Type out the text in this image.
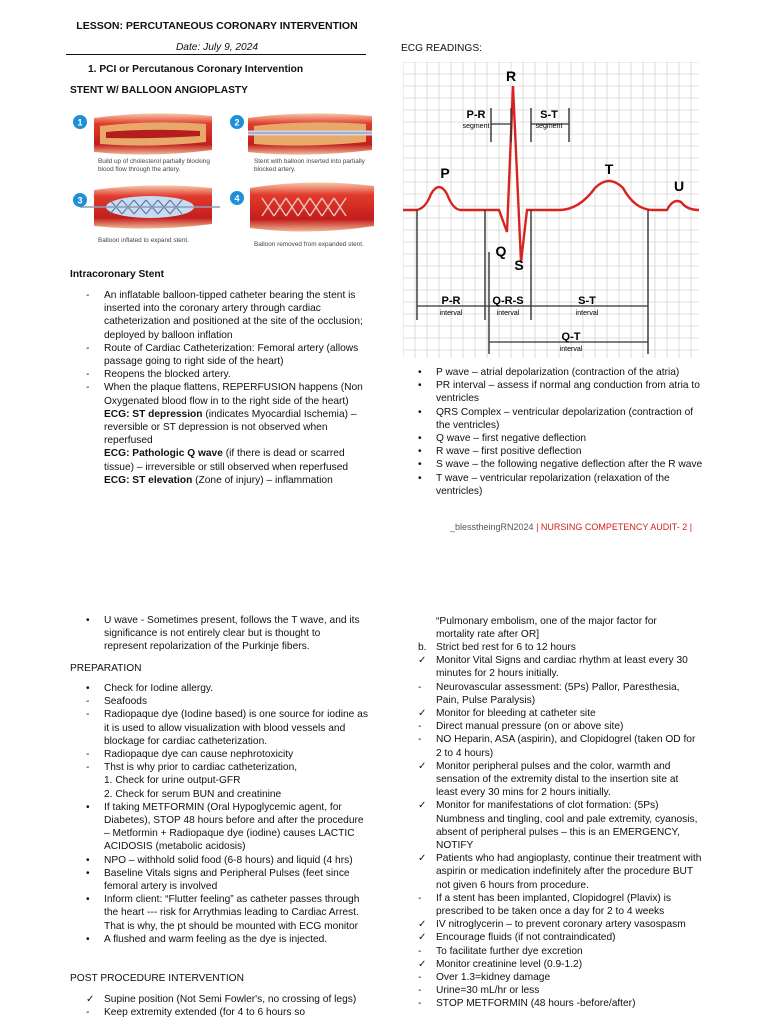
LESSON: PERCUTANEOUS CORONARY INTERVENTION
Date: July 9, 2024
1. PCI or Percutanous Coronary Intervention
STENT W/ BALLOON ANGIOPLASTY
1	2
3	4
Build up of cholesterol partially blocking blood flow through the artery.
Stent with balloon inserted into partially blocked artery.
Balloon inflated to expand stent.
Balloon removed from expanded stent.
Intracoronary Stent
-	An inflatable balloon-tipped catheter bearing the stent is inserted into the coronary artery through cardiac catheterization and positioned at the site of the occlusion; deployed by balloon inflation
-	Route of Cardiac Catheterization: Femoral artery (allows passage going to right side of the heart)
-	Reopens the blocked artery.
-	When the plaque flattens, REPERFUSION happens (Non Oxygenated blood flow in to the right side of the heart)
ECG: ST depression (indicates Myocardial Ischemia) – reversible or ST depression is not observed when reperfused
ECG: Pathologic Q wave (if there is dead or scarred tissue) – irreversible or still observed when reperfused
ECG: ST elevation (Zone of injury) – inflammation
ECG READINGS:
R
P
Q
S
T
U
P-R
segment
S-T
segment
P-R
interval
Q-R-S
interval
S-T
interval
Q-T
interval
•	P wave – atrial depolarization (contraction of the atria)
•	PR interval – assess if normal ang conduction from atria to ventricles
•	QRS Complex – ventricular depolarization (contraction of the ventricles)
•	Q wave – first negative deflection
•	R wave – first positive deflection
•	S wave – the following negative deflection after the R wave
•	T wave – ventricular repolarization (relaxation of the ventricles)
_blesstheingRN2024 | NURSING COMPETENCY AUDIT- 2 |
•	U wave - Sometimes present, follows the T wave, and its significance is not entirely clear but is thought to represent repolarization of the Purkinje fibers.
PREPARATION
•	Check for Iodine allergy.
-	Seafoods
-	Radiopaque dye (Iodine based) is one source for iodine as it is used to allow visualization with blood vessels and blockage for cardiac catheterization.
-	Radiopaque dye can cause nephrotoxicity
-	Thst is why prior to cardiac catheterization,
1. Check for urine output-GFR
2. Check for serum BUN and creatinine
•	If taking METFORMIN (Oral Hypoglycemic agent, for Diabetes), STOP 48 hours before and after the procedure – Metformin + Radiopaque dye (iodine) causes LACTIC ACIDOSIS (metabolic acidosis)
•	NPO – withhold solid food (6-8 hours) and liquid (4 hrs)
•	Baseline Vitals signs and Peripheral Pulses (feet since femoral artery is involved
•	Inform client: “Flutter feeling” as catheter passes through the heart --- risk for Arrythmias leading to Cardiac Arrest. That is why, the pt should be mounted with ECG monitor
•	A flushed and warm feeling as the dye is injected.
POST PROCEDURE INTERVENTION
✓ Supine position (Not Semi Fowler's, no crossing of legs)
-	Keep extremity extended (for 4 to 6 hours so
“Pulmonary embolism, one of the major factor for mortality rate after OR]
b. Strict bed rest for 6 to 12 hours
✓ Monitor Vital Signs and cardiac rhythm at least every 30 minutes for 2 hours initially.
-	Neurovascular assessment: (5Ps) Pallor, Paresthesia, Pain, Pulse Paralysis)
✓ Monitor for bleeding at catheter site
-	Direct manual pressure (on or above site)
-	NO Heparin, ASA (aspirin), and Clopidogrel (taken OD for 2 to 4 hours)
✓ Monitor peripheral pulses and the color, warmth and sensation of the extremity distal to the insertion site at least every 30 mins for 2 hours initially.
✓ Monitor for manifestations of clot formation: (5Ps) Numbness and tingling, cool and pale extremity, cyanosis, absent of peripheral pulses – this is an EMERGENCY, NOTIFY
✓ Patients who had angioplasty, continue their treatment with aspirin or medication indefinitely after the procedure BUT not given 6 hours from procedure.
-	If a stent has been implanted, Clopidogrel (Plavix) is prescribed to be taken once a day for 2 to 4 weeks
✓ IV nitroglycerin – to prevent coronary artery vasospasm
✓ Encourage fluids (if not contraindicated)
-	To facilitate further dye excretion
✓ Monitor creatinine level (0.9-1.2)
-	Over 1.3=kidney damage
-	Urine=30 mL/hr or less
-	STOP METFORMIN (48 hours -before/after)
